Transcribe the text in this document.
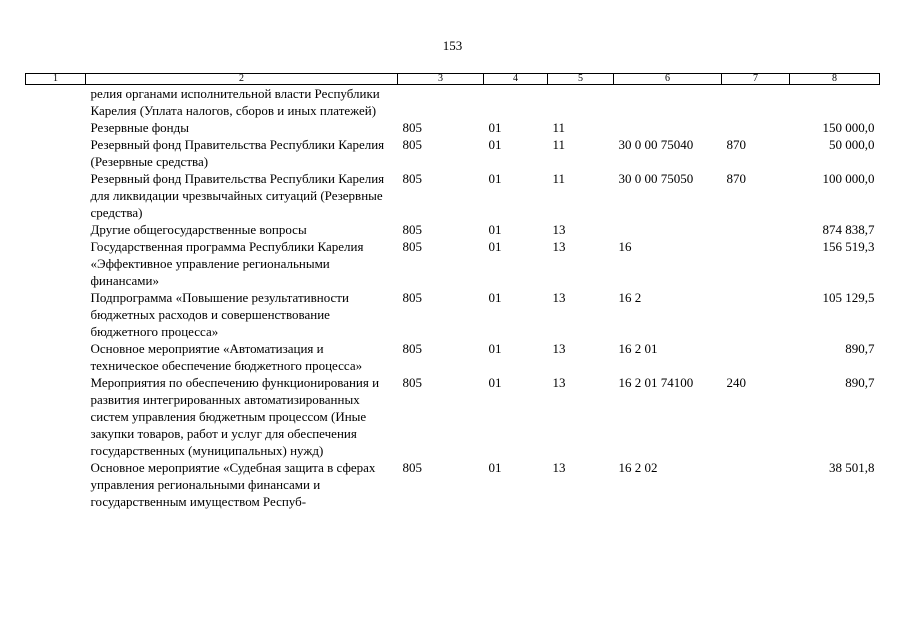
153
1	2	3	4	5	6	7	8
	релия органами исполнительной власти Республики Карелия (Уплата налогов, сборов и иных платежей)						
	Резервные фонды	805	01	11			150 000,0
	Резервный фонд Правительства Республики Карелия (Резервные средства)	805	01	11	30 0 00 75040	870	50 000,0
	Резервный фонд Правительства Республики Карелия для ликвидации чрезвычайных ситуаций (Резервные средства)	805	01	11	30 0 00 75050	870	100 000,0
	Другие общегосударственные вопросы	805	01	13			874 838,7
	Государственная программа Республики Карелия «Эффективное управление региональными финансами»	805	01	13	16		156 519,3
	Подпрограмма «Повышение результативности бюджетных расходов и совершенствование бюджетного процесса»	805	01	13	16 2		105 129,5
	Основное мероприятие «Автоматизация и техническое обеспечение бюджетного процесса»	805	01	13	16 2 01		890,7
	Мероприятия по обеспечению функционирования и развития интегрированных автоматизированных систем управления бюджетным процессом (Иные закупки товаров, работ и услуг для обеспечения государственных (муниципальных) нужд)	805	01	13	16 2 01 74100	240	890,7
	Основное мероприятие «Судебная защита в сферах управления региональными финансами и государственным имуществом Респуб-	805	01	13	16 2 02		38 501,8
